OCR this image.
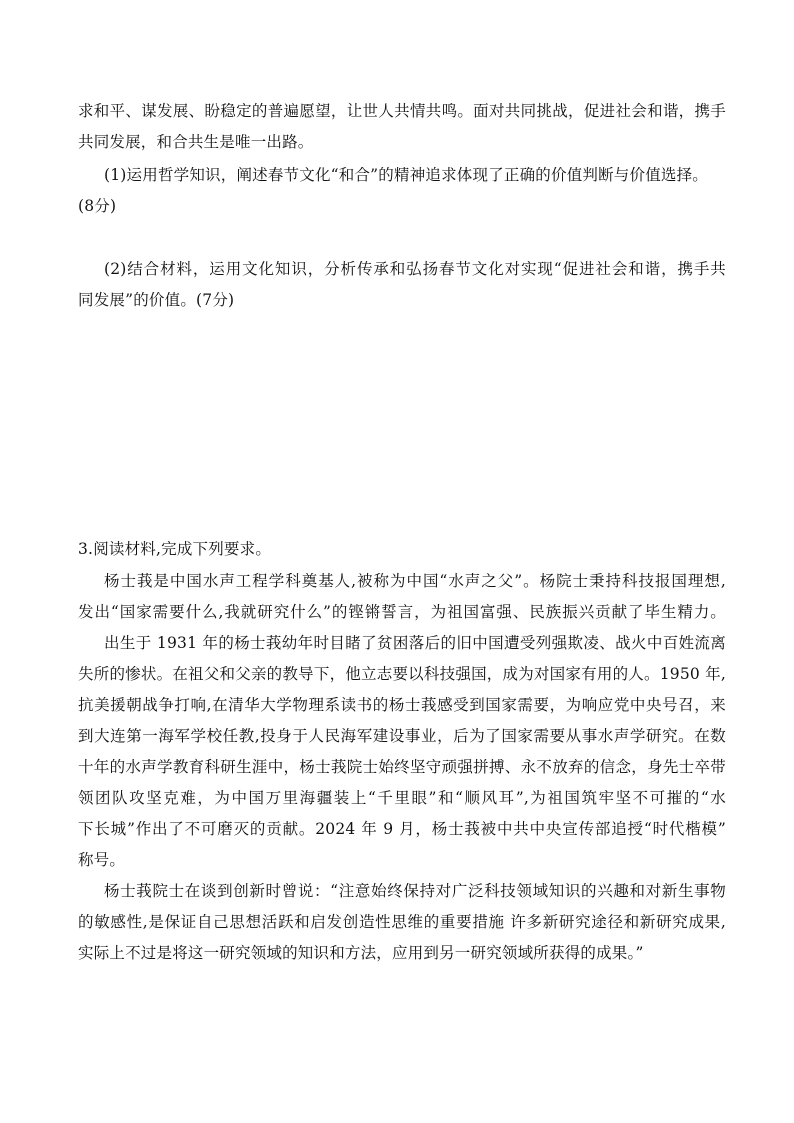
求和平、谋发展、盼稳定的普遍愿望，让世人共情共鸣。面对共同挑战，促进社会和谐，携手
共同发展，和合共生是唯一出路。
(1)运用哲学知识，阐述春节文化“和合”的精神追求体现了正确的价值判断与价值选择。
(8分)
(2)结合材料，运用文化知识，分析传承和弘扬春节文化对实现“促进社会和谐，携手共
同发展”的价值。(7分)
3.阅读材料,完成下列要求。
杨士莪是中国水声工程学科奠基人,被称为中国“水声之父”。杨院士秉持科技报国理想,
发出“国家需要什么,我就研究什么”的铿锵誓言，为祖国富强、民族振兴贡献了毕生精力。
出生于 1931 年的杨士莪幼年时目睹了贫困落后的旧中国遭受列强欺凌、战火中百姓流离
失所的惨状。在祖父和父亲的教导下，他立志要以科技强国，成为对国家有用的人。1950 年,
抗美援朝战争打响,在清华大学物理系读书的杨士莪感受到国家需要，为响应党中央号召，来
到大连第一海军学校任教,投身于人民海军建设事业，后为了国家需要从事水声学研究。在数
十年的水声学教育科研生涯中，杨士莪院士始终坚守顽强拼搏、永不放弃的信念，身先士卒带
领团队攻坚克难，为中国万里海疆装上“千里眼”和“顺风耳”,为祖国筑牢坚不可摧的“水
下长城”作出了不可磨灭的贡献。2024 年 9 月，杨士莪被中共中央宣传部追授“时代楷模”
称号。
杨士莪院士在谈到创新时曾说：“注意始终保持对广泛科技领域知识的兴趣和对新生事物
的敏感性,是保证自己思想活跃和启发创造性思维的重要措施 许多新研究途径和新研究成果,
实际上不过是将这一研究领域的知识和方法，应用到另一研究领域所获得的成果。”
